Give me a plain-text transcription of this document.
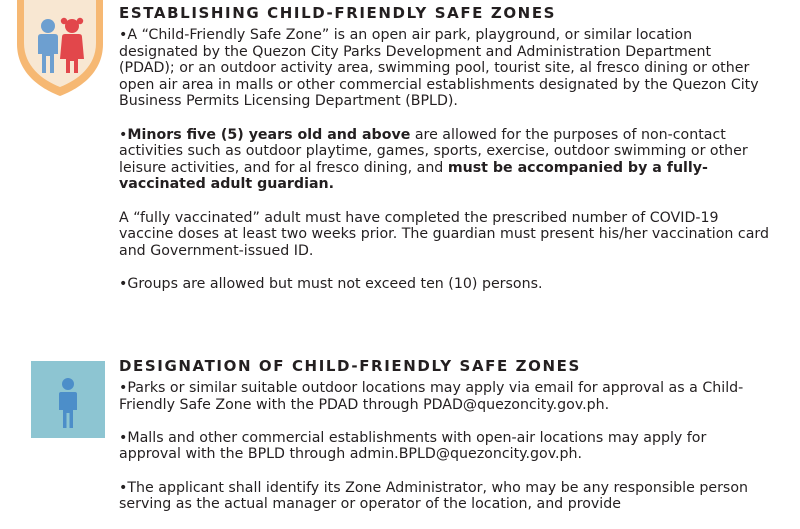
ESTABLISHING CHILD-FRIENDLY SAFE ZONES

• A “Child-Friendly Safe Zone” is an open air park, playground, or similar location designated by the Quezon City Parks Development and Administration Department (PDAD); or an outdoor activity area, swimming pool, tourist site, al fresco dining or other open air area in malls or other commercial establishments designated by the Quezon City Business Permits Licensing Department (BPLD).

• Minors five (5) years old and above are allowed for the purposes of non-contact activities such as outdoor playtime, games, sports, exercise, outdoor swimming or other leisure activities, and for al fresco dining, and must be accompanied by a fully-vaccinated adult guardian.

A “fully vaccinated” adult must have completed the prescribed number of COVID-19 vaccine doses at least two weeks prior. The guardian must present his/her vaccination card and Government-issued ID.

• Groups are allowed but must not exceed ten (10) persons.

DESIGNATION OF CHILD-FRIENDLY SAFE ZONES

• Parks or similar suitable outdoor locations may apply via email for approval as a Child-Friendly Safe Zone with the PDAD through PDAD@quezoncity.gov.ph.

• Malls and other commercial establishments with open-air locations may apply for approval with the BPLD through admin.BPLD@quezoncity.gov.ph.

• The applicant shall identify its Zone Administrator, who may be any responsible person serving as the actual manager or operator of the location, and provide
